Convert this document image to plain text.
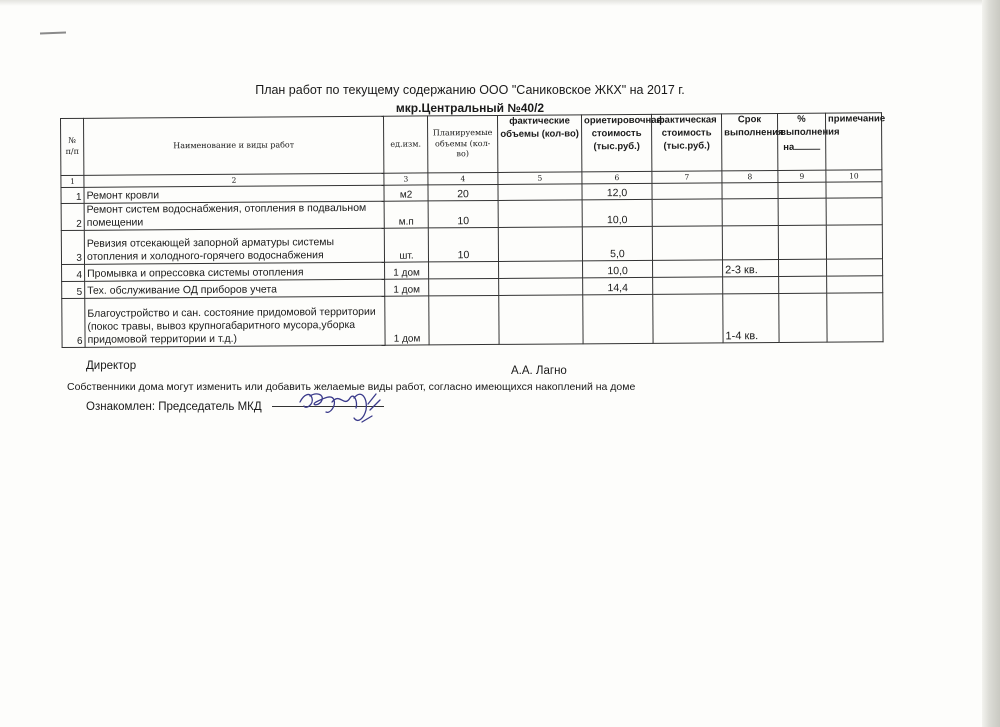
План работ по текущему содержанию ООО "Саниковское ЖКХ" на 2017 г.
мкр.Центральный №40/2
№ п/п	Наименование и виды работ	ед.изм.	Планируемые объемы (кол-во)	фактические объемы (кол-во)	ориетировочная стоимость (тыс.руб.)	фактическая стоимость (тыс.руб.)	Срок выполнения	% выполнения на	примечание
1	2	3	4	5	6	7	8	9	10
1	Ремонт кровли	м2	20		12,0				
2	Ремонт систем водоснабжения, отопления в подвальном помещении	м.п	10		10,0				
3	Ревизия отсекающей запорной арматуры системы отопления и холодного-горячего водоснабжения	шт.	10		5,0				
4	Промывка и опрессовка системы отопления	1 дом			10,0		2-3 кв.		
5	Тех. обслуживание ОД приборов учета	1 дом			14,4				
6	Благоустройство и сан. состояние придомовой территории (покос травы, вывоз крупногабаритного мусора,уборка придомовой территории и т.д.)	1 дом					1-4 кв.		
Директор	А.А. Лагно
Собственники дома могут изменить или добавить желаемые виды работ, согласно имеющихся накоплений на доме
Ознакомлен: Председатель МКД
